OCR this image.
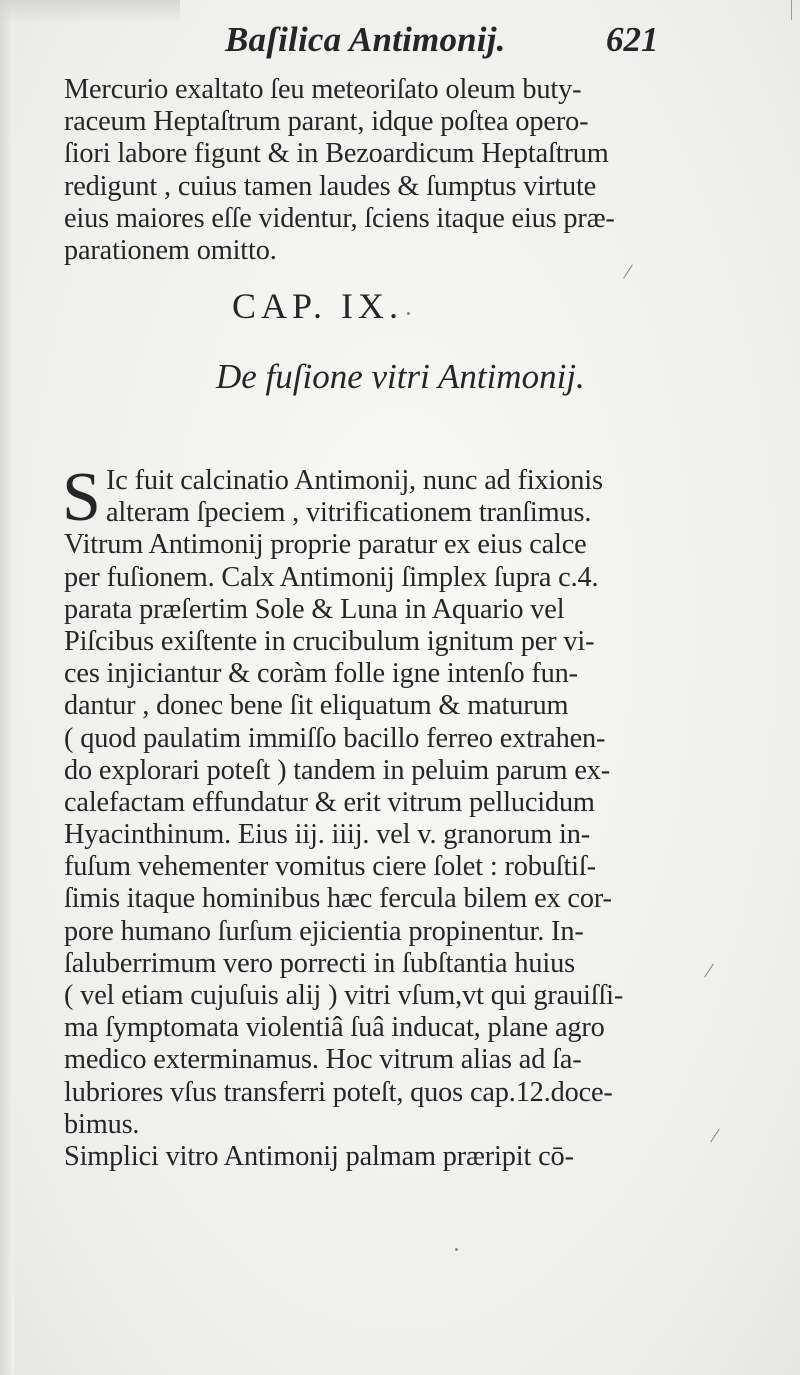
Baſilica Antimonij.	621
Mercurio exaltato ſeu meteoriſato oleum buty-
raceum Heptaſtrum parant, idque poſtea opero-
ſiori labore figunt & in Bezoardicum Heptaſtrum
redigunt , cuius tamen laudes & ſumptus virtute
eius maiores eſſe videntur, ſciens itaque eius præ-
parationem omitto.
CAP. IX.
De fuſione vitri Antimonij.
S Ic fuit calcinatio Antimonij, nunc ad fixionis
alteram ſpeciem , vitrificationem tranſimus.
Vitrum Antimonij proprie paratur ex eius calce
per fuſionem. Calx Antimonij ſimplex ſupra c.4.
parata præſertim Sole & Luna in Aquario vel
Piſcibus exiſtente in crucibulum ignitum per vi-
ces injiciantur & coràm folle igne intenſo fun-
dantur , donec bene ſit eliquatum & maturum
( quod paulatim immiſſo bacillo ferreo extrahen-
do explorari poteſt ) tandem in peluim parum ex-
calefactam effundatur & erit vitrum pellucidum
Hyacinthinum. Eius iij. iiij. vel v. granorum in-
fuſum vehementer vomitus ciere ſolet : robuſtiſ-
ſimis itaque hominibus hæc fercula bilem ex cor-
pore humano ſurſum ejicientia propinentur. In-
ſaluberrimum vero porrecti in ſubſtantia huius
( vel etiam cujuſuis alij ) vitri vſum,vt qui grauiſſi-
ma ſymptomata violentiâ ſuâ inducat, plane agro
medico exterminamus. Hoc vitrum alias ad ſa-
lubriores vſus transferri poteſt, quos cap.12.doce-
bimus.
Simplici vitro Antimonij palmam præripit cō-
